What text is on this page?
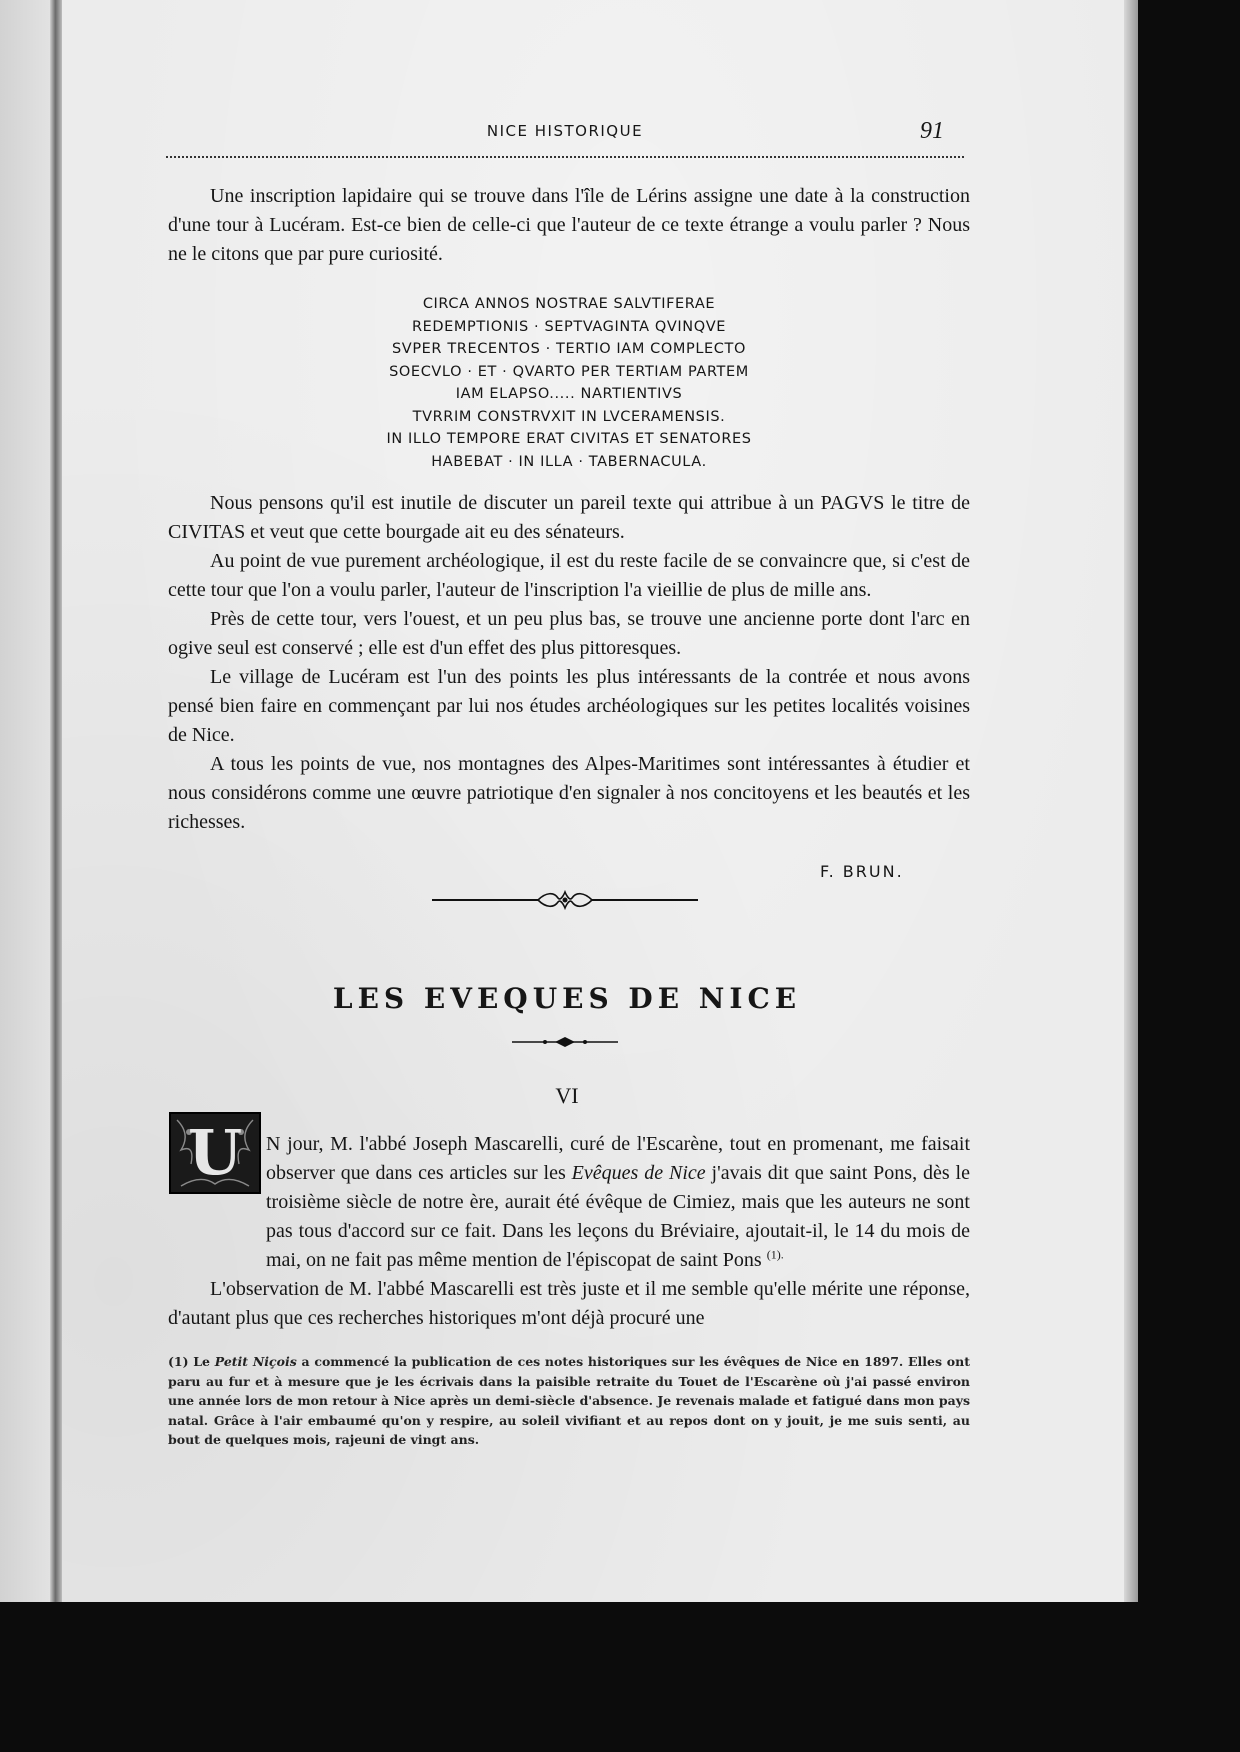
NICE HISTORIQUE	91

Une inscription lapidaire qui se trouve dans l'île de Lérins assigne une date à la construction d'une tour à Lucéram. Est-ce bien de celle-ci que l'auteur de ce texte étrange a voulu parler ? Nous ne le citons que par pure curiosité.

CIRCA ANNOS NOSTRAE SALVTIFERAE
REDEMPTIONIS · SEPTVAGINTA QVINQVE
SVPER TRECENTOS · TERTIO IAM COMPLECTO
SOECVLO · ET · QVARTO PER TERTIAM PARTEM
IAM ELAPSO..... NARTIENTIVS
TVRRIM CONSTRVXIT IN LVCERAMENSIS.
IN ILLO TEMPORE ERAT CIVITAS ET SENATORES
HABEBAT · IN ILLA · TABERNACULA.

Nous pensons qu'il est inutile de discuter un pareil texte qui attribue à un PAGVS le titre de CIVITAS et veut que cette bourgade ait eu des sénateurs.

Au point de vue purement archéologique, il est du reste facile de se convaincre que, si c'est de cette tour que l'on a voulu parler, l'auteur de l'inscription l'a vieillie de plus de mille ans.

Près de cette tour, vers l'ouest, et un peu plus bas, se trouve une ancienne porte dont l'arc en ogive seul est conservé ; elle est d'un effet des plus pittoresques.

Le village de Lucéram est l'un des points les plus intéressants de la contrée et nous avons pensé bien faire en commençant par lui nos études archéologiques sur les petites localités voisines de Nice.

A tous les points de vue, nos montagnes des Alpes-Maritimes sont intéressantes à étudier et nous considérons comme une œuvre patriotique d'en signaler à nos concitoyens et les beautés et les richesses.

F. BRUN.
LES EVEQUES DE NICE
VI
U	N jour, M. l'abbé Joseph Mascarelli, curé de l'Escarène, tout en promenant, me faisait observer que dans ces articles sur les Evêques de Nice j'avais dit que saint Pons, dès le troisième siècle de notre ère, aurait été évêque de Cimiez, mais que les auteurs ne sont pas tous d'accord sur ce fait. Dans les leçons du Bréviaire, ajoutait-il, le 14 du mois de mai, on ne fait pas même mention de l'épiscopat de saint Pons $^{(1).}$

L'observation de M. l'abbé Mascarelli est très juste et il me semble qu'elle mérite une réponse, d'autant plus que ces recherches historiques m'ont déjà procuré une

(1) Le Petit Niçois a commencé la publication de ces notes historiques sur les évêques de Nice en 1897. Elles ont paru au fur et à mesure que je les écrivais dans la paisible retraite du Touet de l'Escarène où j'ai passé environ une année lors de mon retour à Nice après un demi-siècle d'absence. Je revenais malade et fatigué dans mon pays natal. Grâce à l'air embaumé qu'on y respire, au soleil vivifiant et au repos dont on y jouit, je me suis senti, au bout de quelques mois, rajeuni de vingt ans.
